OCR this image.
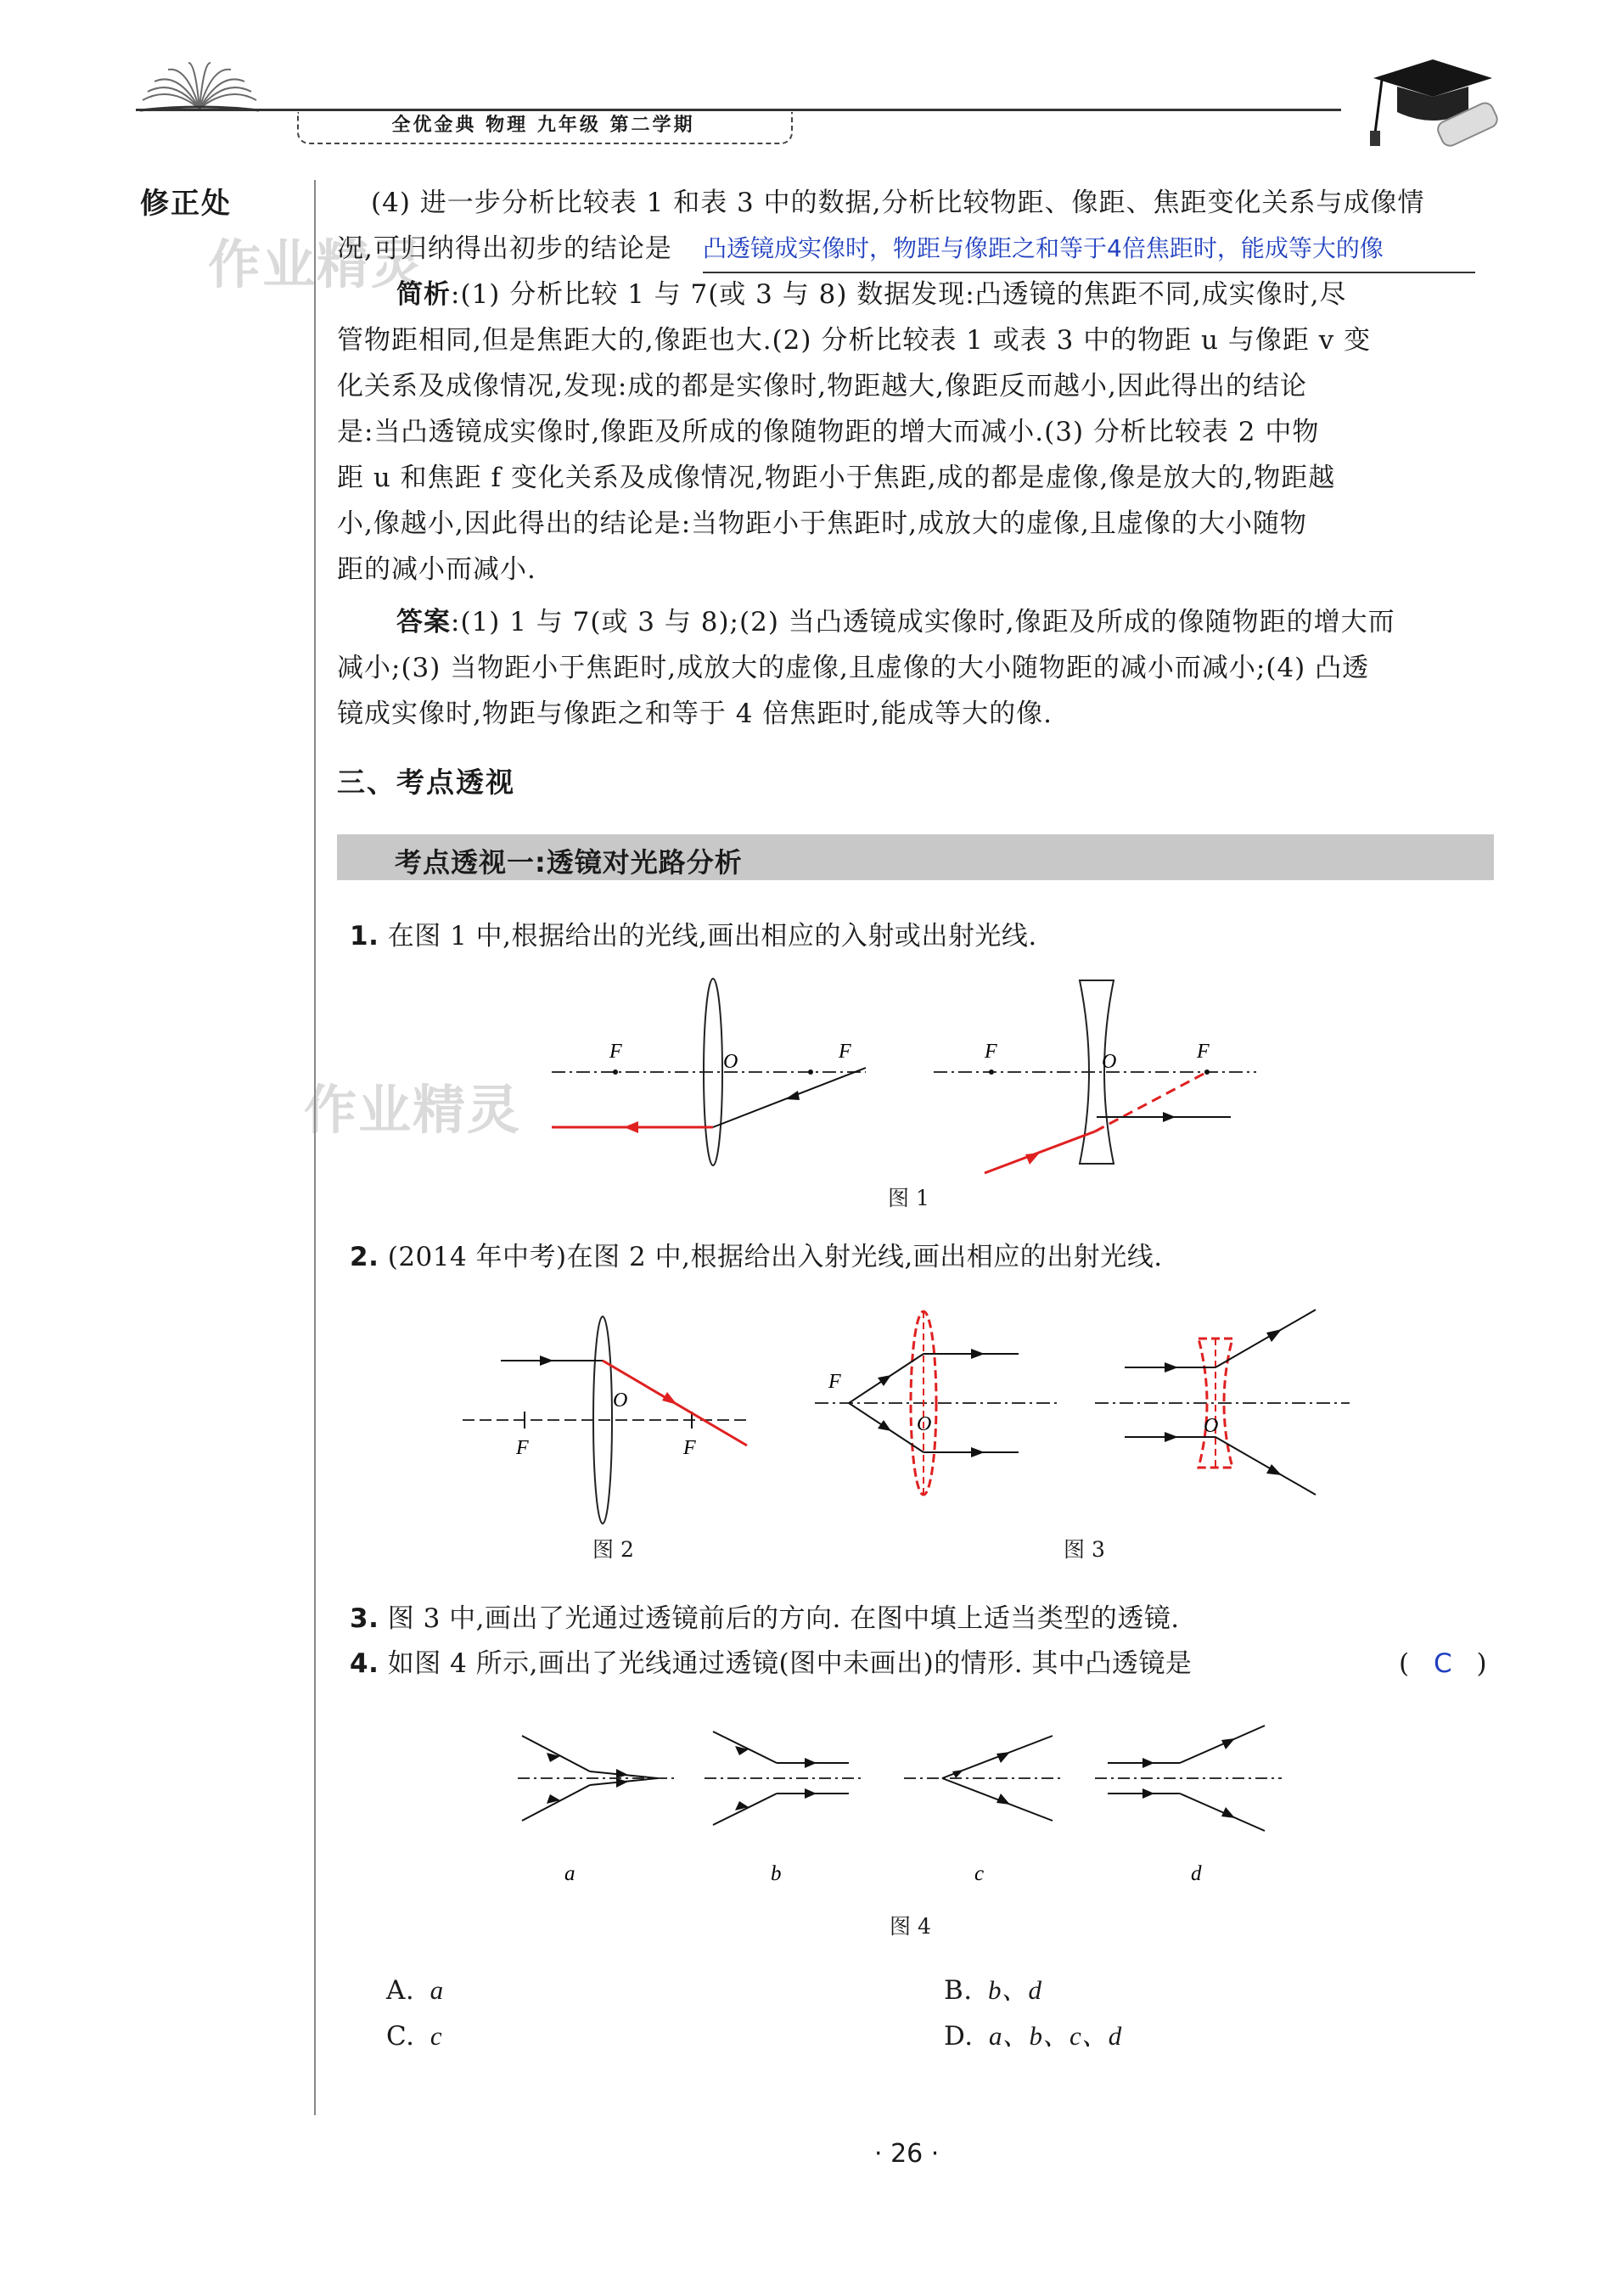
全优金典 物理 九年级 第二学期
修正处
作业精灵
作业精灵
(4) 进一步分析比较表 1 和表 3 中的数据,分析比较物距、像距、焦距变化关系与成像情
况,可归纳得出初步的结论是 凸透镜成实像时，物距与像距之和等于4倍焦距时，能成等大的像
简析:(1) 分析比较 1 与 7(或 3 与 8) 数据发现:凸透镜的焦距不同,成实像时,尽
管物距相同,但是焦距大的,像距也大.(2) 分析比较表 1 或表 3 中的物距 u 与像距 v 变
化关系及成像情况,发现:成的都是实像时,物距越大,像距反而越小,因此得出的结论
是:当凸透镜成实像时,像距及所成的像随物距的增大而减小.(3) 分析比较表 2 中物
距 u 和焦距 f 变化关系及成像情况,物距小于焦距,成的都是虚像,像是放大的,物距越
小,像越小,因此得出的结论是:当物距小于焦距时,成放大的虚像,且虚像的大小随物
距的减小而减小.
答案:(1) 1 与 7(或 3 与 8);(2) 当凸透镜成实像时,像距及所成的像随物距的增大而
减小;(3) 当物距小于焦距时,成放大的虚像,且虚像的大小随物距的减小而减小;(4) 凸透
镜成实像时,物距与像距之和等于 4 倍焦距时,能成等大的像.
三、考点透视
考点透视一:透镜对光路分析
1. 在图 1 中,根据给出的光线,画出相应的入射或出射光线.
F	O	F	F	O	F
图 1
2. (2014 年中考)在图 2 中,根据给出入射光线,画出相应的出射光线.
F
O
F
图 2
F
O	O
图 3
3. 图 3 中,画出了光通过透镜前后的方向. 在图中填上适当类型的透镜.
4. 如图 4 所示,画出了光线通过透镜(图中未画出)的情形. 其中凸透镜是	( C )
a	b	c	d
图 4
A. a	B. b、d
C. c	D. a、b、c、d
· 26 ·
